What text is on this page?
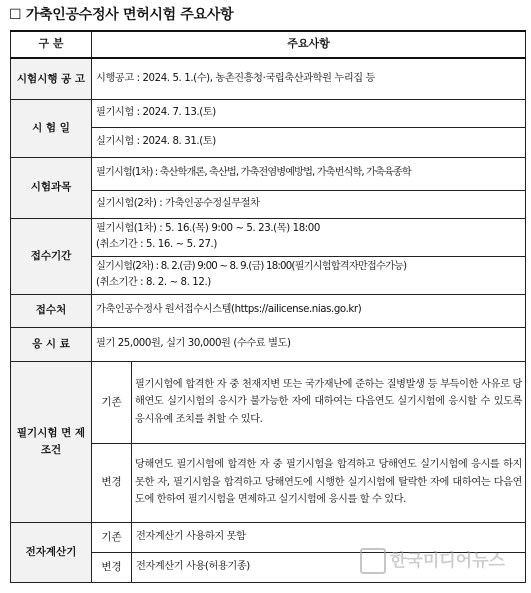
☐ 가축인공수정사 면허시험 주요사항
구 분	주요사항	
시험시행 공 고	시행공고 : 2024. 5. 1.(수), 농촌진흥청·국립축산과학원 누리집 등	
시 험 일	필기시험 : 2024. 7. 13.(토)	
	실기시험 : 2024. 8. 31.(토)	
시험과목	필기시험(1차) : 축산학개론, 축산법, 가축전염병예방법, 가축번식학, 가축육종학	
	실기시험(2차) : 가축인공수정실무절차	
접수기간	필기시험(1차) : 5. 16.(목) 9:00 ~ 5. 23.(목) 18:00
(취소기간 : 5. 16. ~ 5. 27.)	

	실기시험(2차) : 8. 2.(금) 9:00 ~ 8. 9.(금) 18:00(필기시험합격자만접수가능)
(취소기간 : 8. 2. ~ 8. 12.)	

접수처	가축인공수정사 원서접수시스템(https://ailicense.nias.go.kr)	
응 시 료	필기 25,000원, 실기 30,000원 (수수료 별도)	
필기시험 면 제조건	기존	필기시험에 합격한 자 중 천재지변 또는 국가재난에 준하는 질병발생 등 부득이한 사유로 당해연도 실기시험의 응시가 불가능한 자에 대하여는 다음연도 실기시험에 응시할 수 있도록 응시유예 조치를 취할 수 있다.
	변경	당해연도 필기시험에 합격한 자 중 필기시험을 합격하고 당해연도 실기시험에 응시를 하지 못한 자, 필기시험을 합격하고 당해연도에 시행한 실기시험에 탈락한 자에 대하여는 다음연도에 한하여 필기시험을 면제하고 실기시험에 응시를 할 수 있다.
전자계산기	기존	전자계산기 사용하지 못함
	변경	전자계산기 사용(허용기종)	한국미디어뉴스
